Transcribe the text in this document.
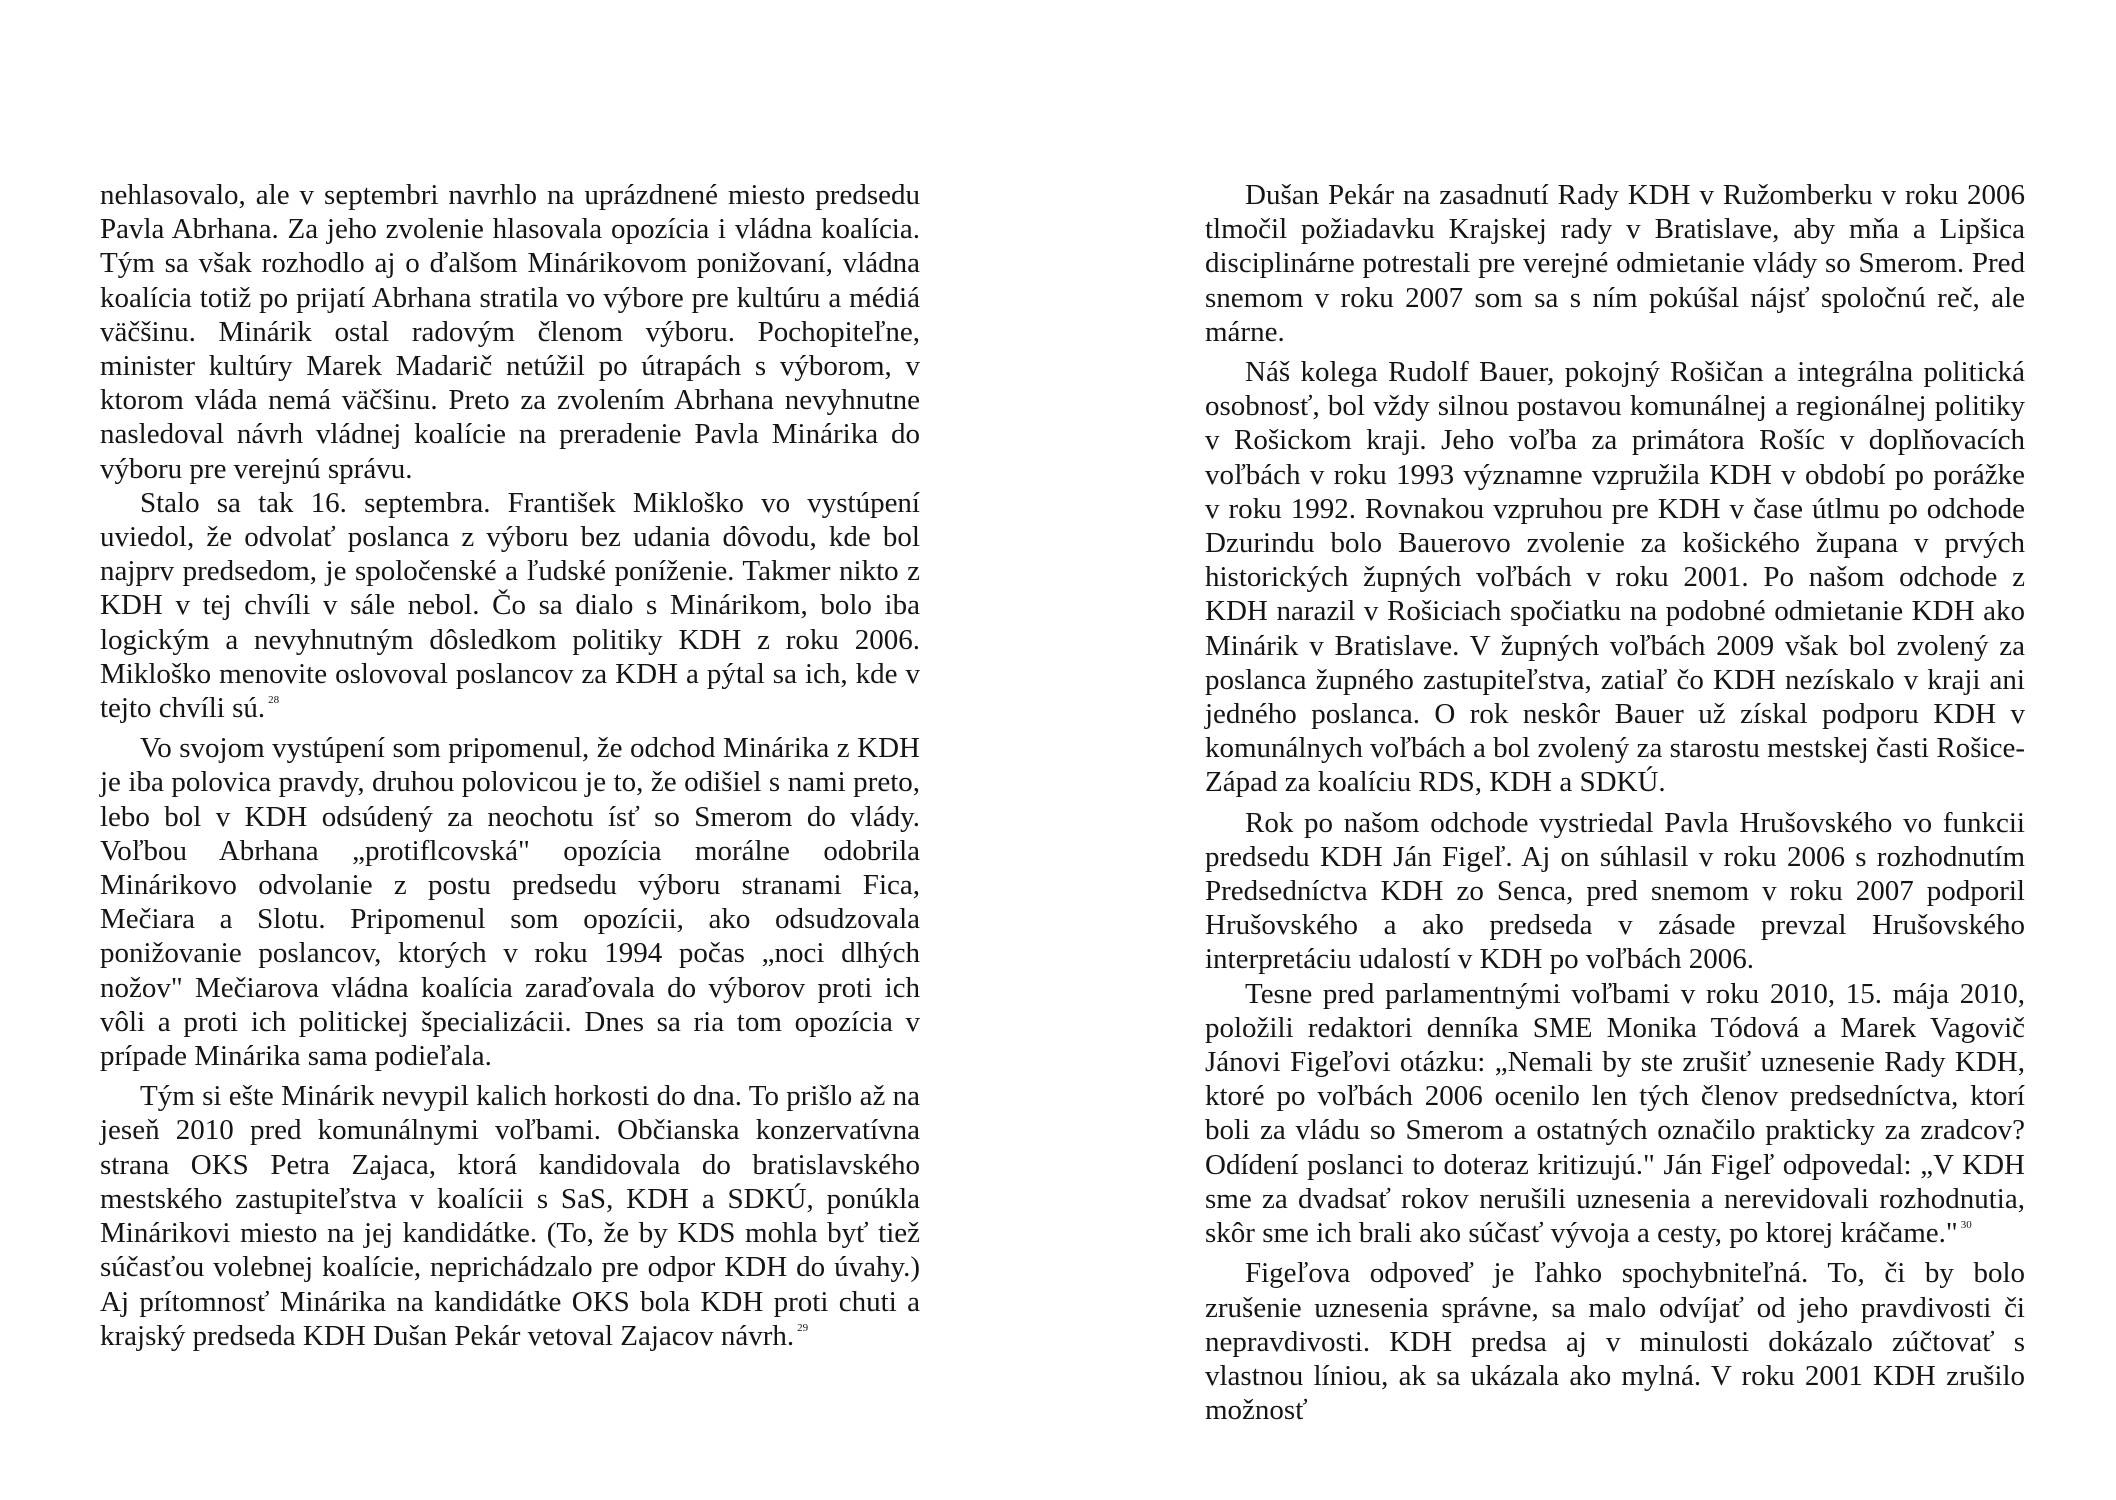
nehlasovalo, ale v septembri navrhlo na uprázdnené miesto predsedu Pavla Abrhana. Za jeho zvolenie hlasovala opozícia i vládna koalícia. Tým sa však rozhodlo aj o ďalšom Minárikovom ponižovaní, vládna koalícia totiž po prijatí Abrhana stratila vo výbore pre kultúru a médiá väčšinu. Minárik ostal radovým členom výboru. Pochopiteľne, minister kultúry Marek Madarič netúžil po útrapách s výborom, v ktorom vláda nemá väčšinu. Preto za zvolením Abrhana nevyhnutne nasledoval návrh vládnej koalície na preradenie Pavla Minárika do výboru pre verejnú správu.

Stalo sa tak 16. septembra. František Mikloško vo vystúpení uviedol, že odvolať poslanca z výboru bez udania dôvodu, kde bol najprv predsedom, je spoločenské a ľudské poníženie. Takmer nikto z KDH v tej chvíli v sále nebol. Čo sa dialo s Minárikom, bolo iba logickým a nevyhnutným dôsledkom politiky KDH z roku 2006. Mikloško menovite oslovoval poslancov za KDH a pýtal sa ich, kde v tejto chvíli sú. $^{28}$

Vo svojom vystúpení som pripomenul, že odchod Minárika z KDH je iba polovica pravdy, druhou polovicou je to, že odišiel s nami preto, lebo bol v KDH odsúdený za neochotu ísť so Smerom do vlády. Voľbou Abrhana „protiflcovská" opozícia morálne odobrila Minárikovo odvolanie z postu predsedu výboru stranami Fica, Mečiara a Slotu. Pripomenul som opozícii, ako odsudzovala ponižovanie poslancov, ktorých v roku 1994 počas „noci dlhých nožov" Mečiarova vládna koalícia zaraďovala do výborov proti ich vôli a proti ich politickej špecializácii. Dnes sa ria tom opozícia v prípade Minárika sama podieľala.

Tým si ešte Minárik nevypil kalich horkosti do dna. To prišlo až na jeseň 2010 pred komunálnymi voľbami. Občianska konzervatívna strana OKS Petra Zajaca, ktorá kandidovala do bratislavského mestského zastupiteľstva v koalícii s SaS, KDH a SDKÚ, ponúkla Minárikovi miesto na jej kandidátke. (To, že by KDS mohla byť tiež súčasťou volebnej koalície, neprichádzalo pre odpor KDH do úvahy.) Aj prítomnosť Minárika na kandidátke OKS bola KDH proti chuti a krajský predseda KDH Dušan Pekár vetoval Zajacov návrh. $^{29}$

Dušan Pekár na zasadnutí Rady KDH v Ružomberku v roku 2006 tlmočil požiadavku Krajskej rady v Bratislave, aby mňa a Lipšica disciplinárne potrestali pre verejné odmietanie vlády so Smerom. Pred snemom v roku 2007 som sa s ním pokúšal nájsť spoločnú reč, ale márne.

Náš kolega Rudolf Bauer, pokojný Rošičan a integrálna politická osobnosť, bol vždy silnou postavou komunálnej a regionálnej politiky v Rošickom kraji. Jeho voľba za primátora Rošíc v doplňovacích voľbách v roku 1993 významne vzpružila KDH v období po porážke v roku 1992. Rovnakou vzpruhou pre KDH v čase útlmu po odchode Dzurindu bolo Bauerovo zvolenie za košického župana v prvých historických župných voľbách v roku 2001. Po našom odchode z KDH narazil v Rošiciach spočiatku na podobné odmietanie KDH ako Minárik v Bratislave. V župných voľbách 2009 však bol zvolený za poslanca župného zastupiteľstva, zatiaľ čo KDH nezískalo v kraji ani jedného poslanca. O rok neskôr Bauer už získal podporu KDH v komunálnych voľbách a bol zvolený za starostu mestskej časti Rošice-Západ za koalíciu RDS, KDH a SDKÚ.

Rok po našom odchode vystriedal Pavla Hrušovského vo funkcii predsedu KDH Ján Figeľ. Aj on súhlasil v roku 2006 s rozhodnutím Predsedníctva KDH zo Senca, pred snemom v roku 2007 podporil Hrušovského a ako predseda v zásade prevzal Hrušovského interpretáciu udalostí v KDH po voľbách 2006.

Tesne pred parlamentnými voľbami v roku 2010, 15. mája 2010, položili redaktori denníka SME Monika Tódová a Marek Vagovič Jánovi Figeľovi otázku: „Nemali by ste zrušiť uznesenie Rady KDH, ktoré po voľbách 2006 ocenilo len tých členov predsedníctva, ktorí boli za vládu so Smerom a ostatných označilo prakticky za zradcov? Odídení poslanci to doteraz kritizujú." Ján Figeľ odpovedal: „V KDH sme za dvadsať rokov nerušili uznesenia a nerevidovali rozhodnutia, skôr sme ich brali ako súčasť vývoja a cesty, po ktorej kráčame." $^{30}$

Figeľova odpoveď je ľahko spochybniteľná. To, či by bolo zrušenie uznesenia správne, sa malo odvíjať od jeho pravdivosti či nepravdivosti. KDH predsa aj v minulosti dokázalo zúčtovať s vlastnou líniou, ak sa ukázala ako mylná. V roku 2001 KDH zrušilo možnosť
